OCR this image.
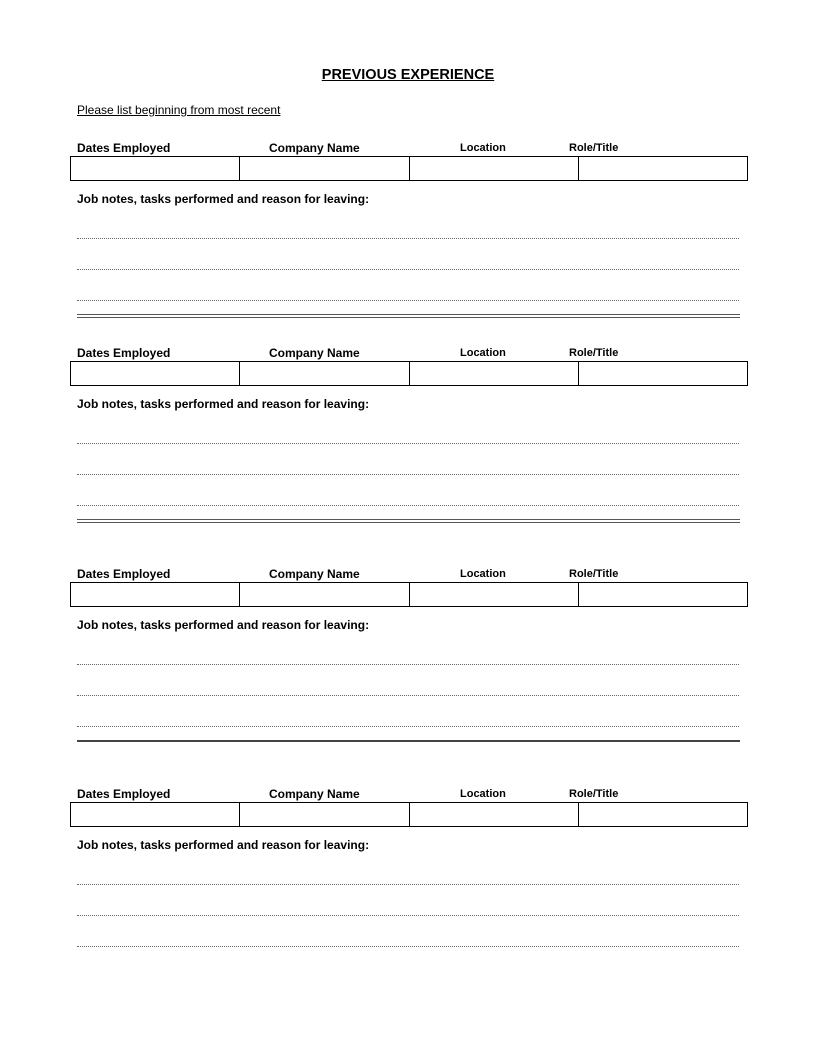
PREVIOUS EXPERIENCE
Please list beginning from most recent
Dates Employed	Company Name	Location	Role/Title
Job notes, tasks performed and reason for leaving:
Dates Employed	Company Name	Location	Role/Title
Job notes, tasks performed and reason for leaving:
Dates Employed	Company Name	Location	Role/Title
Job notes, tasks performed and reason for leaving:
Dates Employed	Company Name	Location	Role/Title
Job notes, tasks performed and reason for leaving:
